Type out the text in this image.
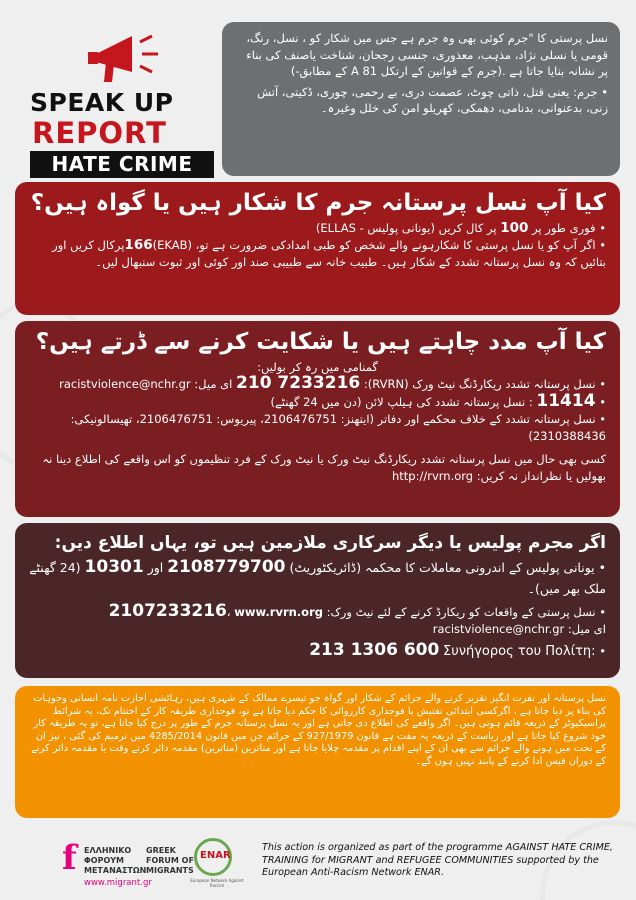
SPEAK UP
REPORT
HATE CRIME

نسل پرستی کا "جرم کوئی بھی وہ جرم ہے جس میں شکار کو ، نسل، رنگ، قومی یا نسلی نژاد، مذہب، معذوری، جنسی رجحان، شناخت یاصنف کی بناء پر نشانہ بنایا جاتا ہے .(جرم کے قوانین کے ارتکل 81 A کے مطابق-)

• جرم: یعنی قتل، ذاتی چوٹ، عصمت دری، بے رحمی، چوری، ڈکیتی، آتش زنی، بدعنوانی، بدنامی، دھمکی، کھریلو امن کی خلل وغیرہ۔

کیا آپ نسل پرستانہ جرم کا شکار ہیں یا گواہ ہیں؟

• فوری طور پر 100 پر کال کریں (یونانی پولیس - ELLAS)

• اگر آپ کو یا نسل پرستی کا شکارہونے والے شخص کو طبی امدادکی ضرورت ہے تو، 166(EKAB)پرکال کریں اور بتائیں کہ وہ نسل پرستانہ تشدد کے شکار ہیں۔ طبیب خانہ سے طبیبی صند اور کوئی اور ثبوت سنبھال لیں۔

کیا آپ مدد چاہتے ہیں یا شکایت کرنے سے ڈرتے ہیں؟

گمنامی میں رہ کر بولیں:

• نسل پرستانہ تشدد ریکارڈنگ نیٹ ورک (RVRN): 210 7233216 ای میل: racistviolence@nchr.gr

• 11414 : نسل پرستانہ تشدد کی ہیلپ لائن (دن میں 24 گھنٹے)

• نسل پرستانہ تشدد کے خلاف محکمے اور دفاتر (ایتھنز: 2106476751، پیریوس: 2106476751، تھیسالونیکی: 2310388436)

کسی بھی حال میں نسل پرستانہ تشدد ریکارڈنگ نیٹ ورک یا نیٹ ورک کے فرد تنظیموں کو اس واقعے کی اطلاع دینا نہ بھولیں یا نظرانداز نہ کریں: http://rvrn.org

اگر مجرم پولیس یا دیگر سرکاری ملازمین ہیں تو، یہاں اطلاع دیں:

• یونانی پولیس کے اندرونی معاملات کا محکمہ (ڈائریکٹوریٹ) 2108779700 اور 10301 (24 گھنٹے ملک بھر میں)۔

• نسل پرستی کے واقعات کو ریکارڈ کرنے کے لئے نیٹ ورک: 2107233216، www.rvrn.org

ای میل: racistviolence@nchr.gr

• 213 1306 600 Συνήγορος του Πολίτη:

نسل پرستانہ اور نفرت انگیز تقریر کرنے والے جرائم کے شکار اور گواہ جو تیسرے ممالک کے شہری ہیں، رہائشی اجازت نامہ انسانی وجوہات کی بناء پر دیا جاتا ہے ، اگرکسی ابتدائی تفتیش یا فوجداری کارروائی کا حکم دیا جاتا ہے تو، فوجداری طریقہ کار کے اختتام تک، یہ شرائط پراسیکیوٹر کے ذریعہ قائم ہوتی ہیں۔ اگر واقعے کی اطلاع دی جاتی ہے اور یہ نسل پرستانہ جرم کے طور پر درج کیا جاتا ہے، تو یہ طریقہ کار خود شروع کیا جاتا ہے اور ریاست کے ذریعہ یہ مفت ہے قانون 927/1979 کے جرائم جن میں قانون 4285/2014 میں ترمیم کی گئی ، نیز ان کے تحت میں ہونے والے جرائم سے بھی ان کے اپنے اقدام پر مقدمہ چلایا جاتا ہے اور متاثرین (متاثرین) مقدمہ دائر کرتے وقت یا مقدمہ دائر کرنے کے دوران فیس ادا کرنے کے پابند نہیں ہوں گے۔

f ΕΛΛΗΝΙΚΟ ΦΟΡΟΥΜ ΜΕΤΑΝΑΣΤΩΝ
GREEK FORUM OF MIGRANTS
www.migrant.gr
ENAR
European Network Against Racism
This action is organized as part of the programme AGAINST HATE CRIME, TRAINING for MIGRANT and REFUGEE COMMUNITIES supported by the European Anti-Racism Network ENAR.
